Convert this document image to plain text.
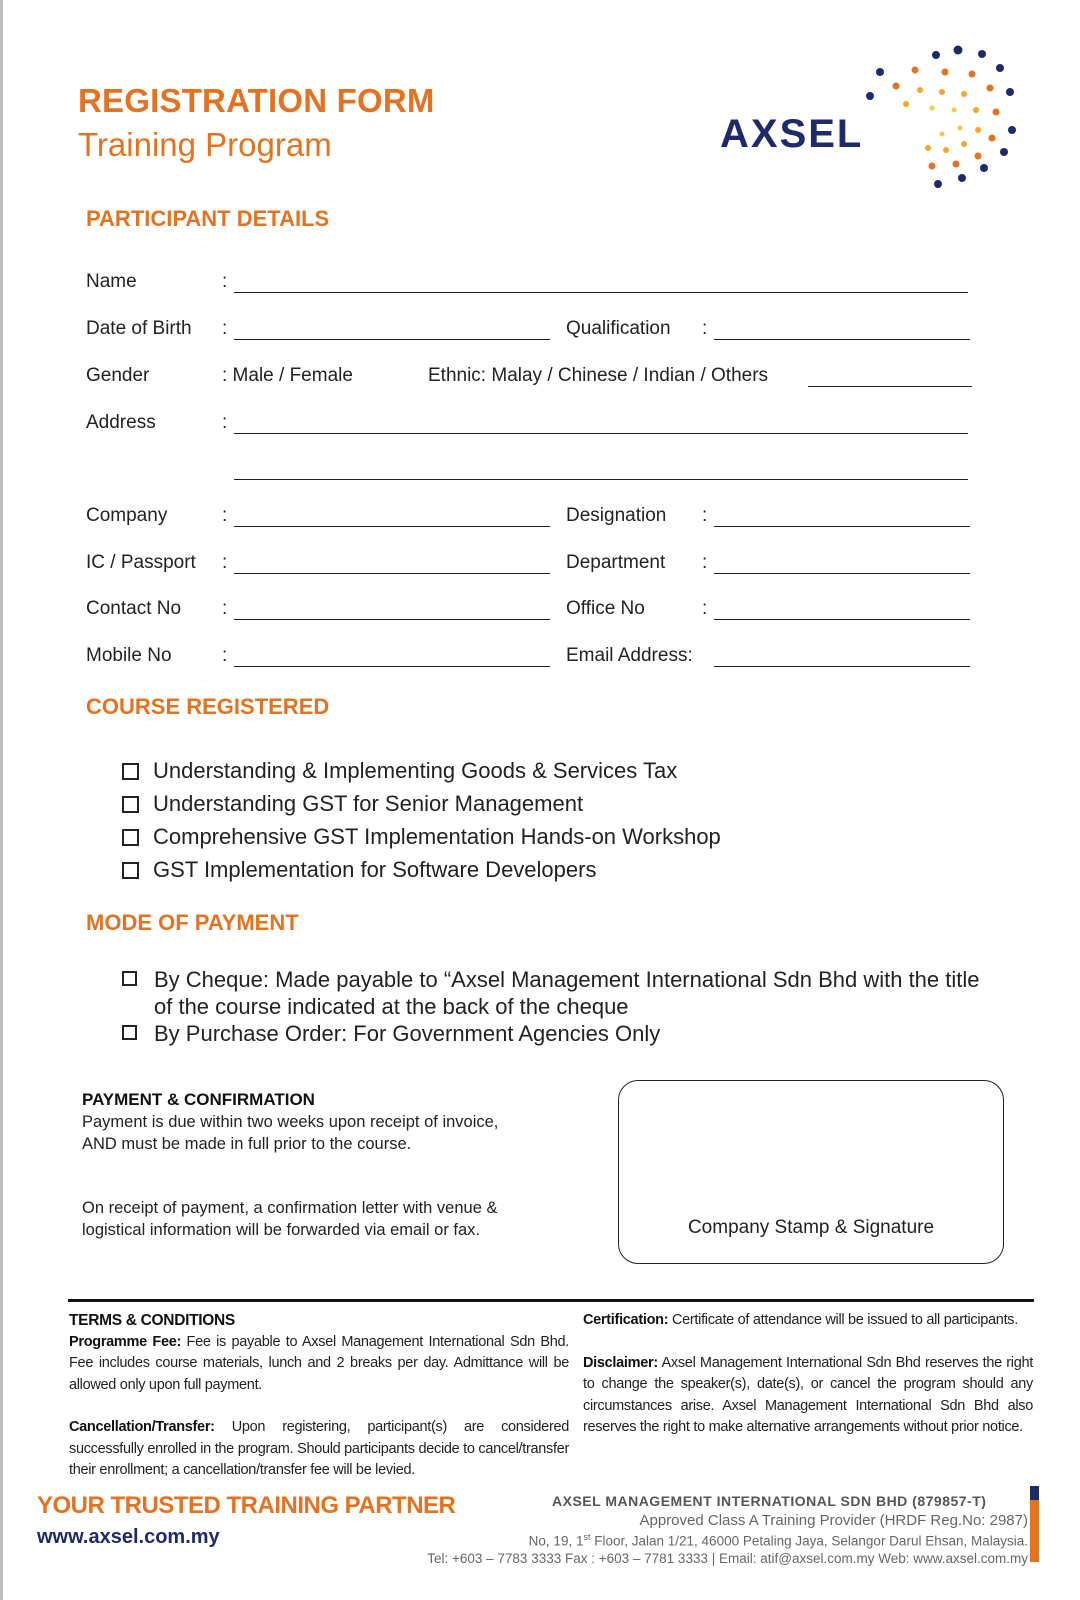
REGISTRATION FORM
Training Program	AXSEL
PARTICIPANT DETAILS
Name	:
Date of Birth :	Qualification :
Gender	: Male / Female	Ethnic: Malay / Chinese / Indian / Others
Address	:
Company	:	Designation :
IC / Passport :	Department :
Contact No :	Office No	:
Mobile No	:	Email Address:
COURSE REGISTERED
Understanding & Implementing Goods & Services Tax
Understanding GST for Senior Management
Comprehensive GST Implementation Hands-on Workshop
GST Implementation for Software Developers
MODE OF PAYMENT
By Cheque: Made payable to “Axsel Management International Sdn Bhd with the title of the course indicated at the back of the cheque
By Purchase Order: For Government Agencies Only
PAYMENT & CONFIRMATION
Payment is due within two weeks upon receipt of invoice, AND must be made in full prior to the course.
On receipt of payment, a confirmation letter with venue & logistical information will be forwarded via email or fax.	Company Stamp & Signature
TERMS & CONDITIONS
Programme Fee: Fee is payable to Axsel Management International Sdn Bhd. Fee includes course materials, lunch and 2 breaks per day. Admittance will be allowed only upon full payment.
Cancellation/Transfer: Upon registering, participant(s) are considered successfully enrolled in the program. Should participants decide to cancel/transfer their enrollment; a cancellation/transfer fee will be levied.
Certification: Certificate of attendance will be issued to all participants.
Disclaimer: Axsel Management International Sdn Bhd reserves the right to change the speaker(s), date(s), or cancel the program should any circumstances arise. Axsel Management International Sdn Bhd also reserves the right to make alternative arrangements without prior notice.
YOUR TRUSTED TRAINING PARTNER
www.axsel.com.my
AXSEL MANAGEMENT INTERNATIONAL SDN BHD (879857-T)
Approved Class A Training Provider (HRDF Reg.No: 2987)
No, 19, 1st Floor, Jalan 1/21, 46000 Petaling Jaya, Selangor Darul Ehsan, Malaysia.
Tel: +603 – 7783 3333 Fax : +603 – 7781 3333 | Email: atif@axsel.com.my Web: www.axsel.com.my
